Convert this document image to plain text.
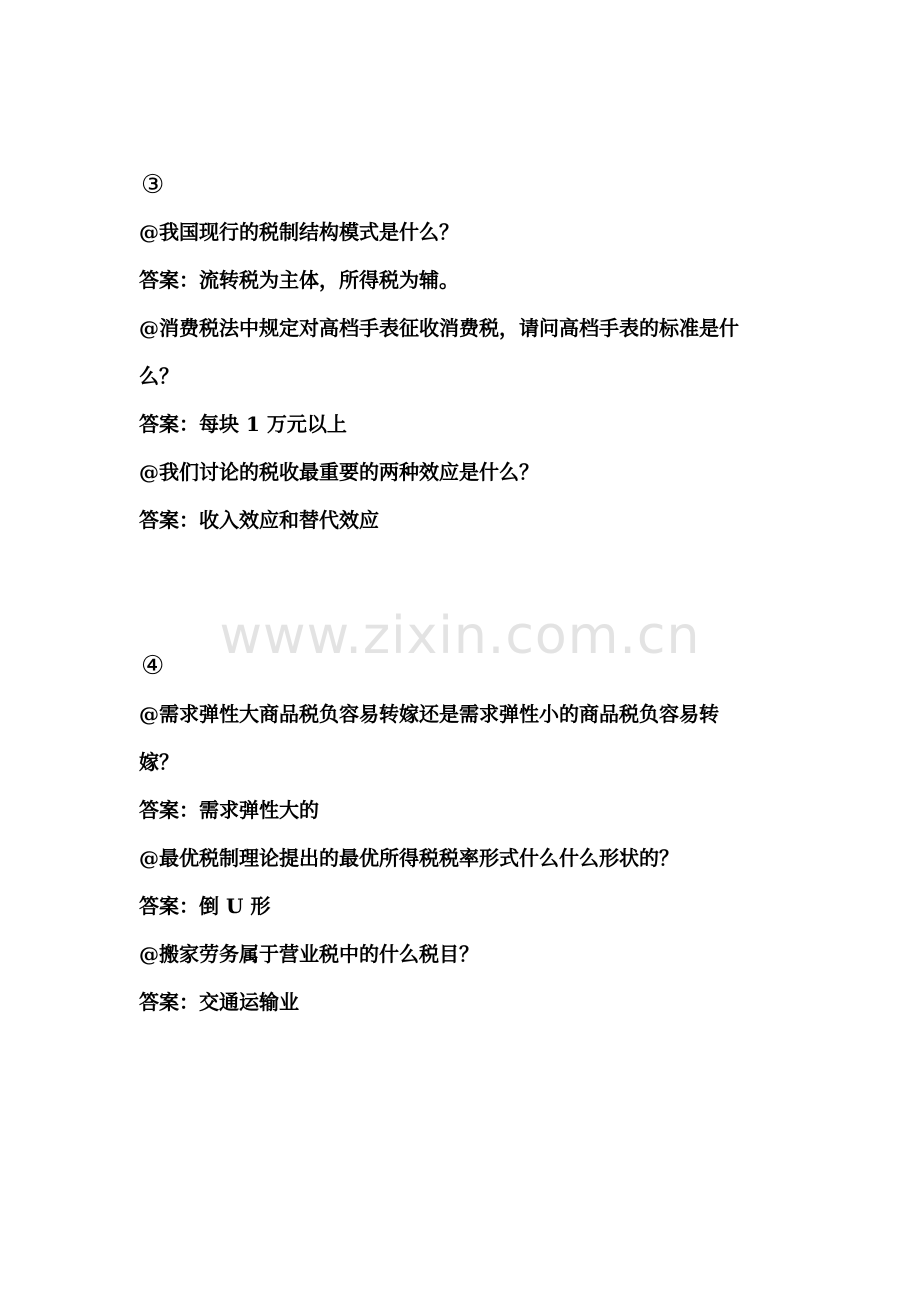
③
@我国现行的税制结构模式是什么？
答案：流转税为主体，所得税为辅。
@消费税法中规定对高档手表征收消费税，请问高档手表的标准是什
么？
答案：每块 1 万元以上
@我们讨论的税收最重要的两种效应是什么？
答案：收入效应和替代效应
www.zixin.com.cn
④
@需求弹性大商品税负容易转嫁还是需求弹性小的商品税负容易转
嫁？
答案：需求弹性大的
@最优税制理论提出的最优所得税税率形式什么什么形状的？
答案：倒 U 形
@搬家劳务属于营业税中的什么税目？
答案：交通运输业
